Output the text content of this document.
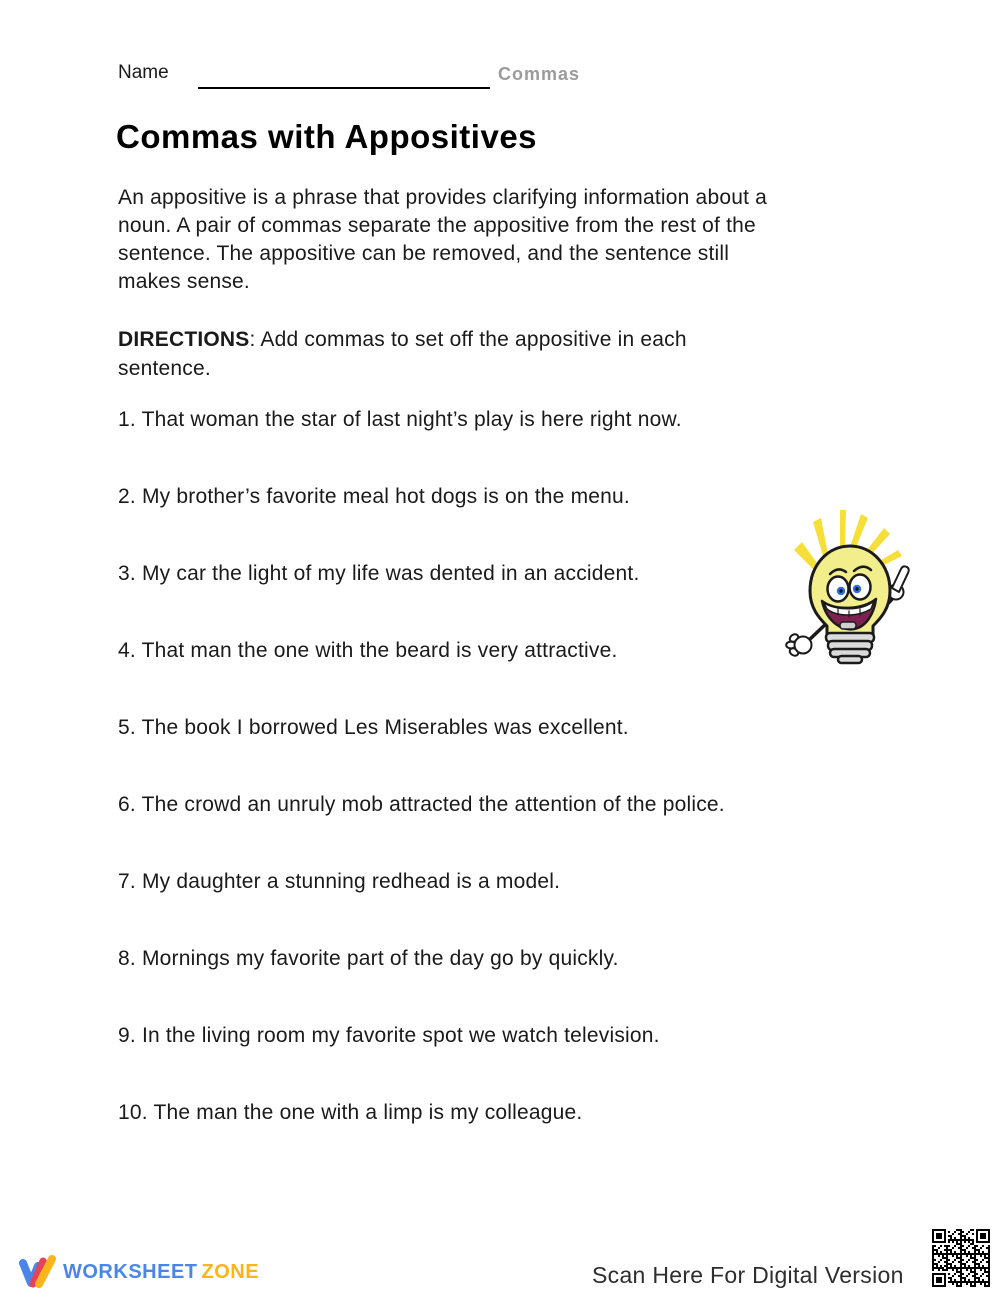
Name	Commas
Commas with Appositives
An appositive is a phrase that provides clarifying information about a
noun. A pair of commas separate the appositive from the rest of the
sentence. The appositive can be removed, and the sentence still
makes sense.
DIRECTIONS: Add commas to set off the appositive in each
sentence.
1. That woman the star of last night’s play is here right now.
2. My brother’s favorite meal hot dogs is on the menu.
3. My car the light of my life was dented in an accident.
4. That man the one with the beard is very attractive.
5. The book I borrowed Les Miserables was excellent.
6. The crowd an unruly mob attracted the attention of the police.
7. My daughter a stunning redhead is a model.
8. Mornings my favorite part of the day go by quickly.
9. In the living room my favorite spot we watch television.
10. The man the one with a limp is my colleague.
WORKSHEET ZONE	Scan Here For Digital Version
